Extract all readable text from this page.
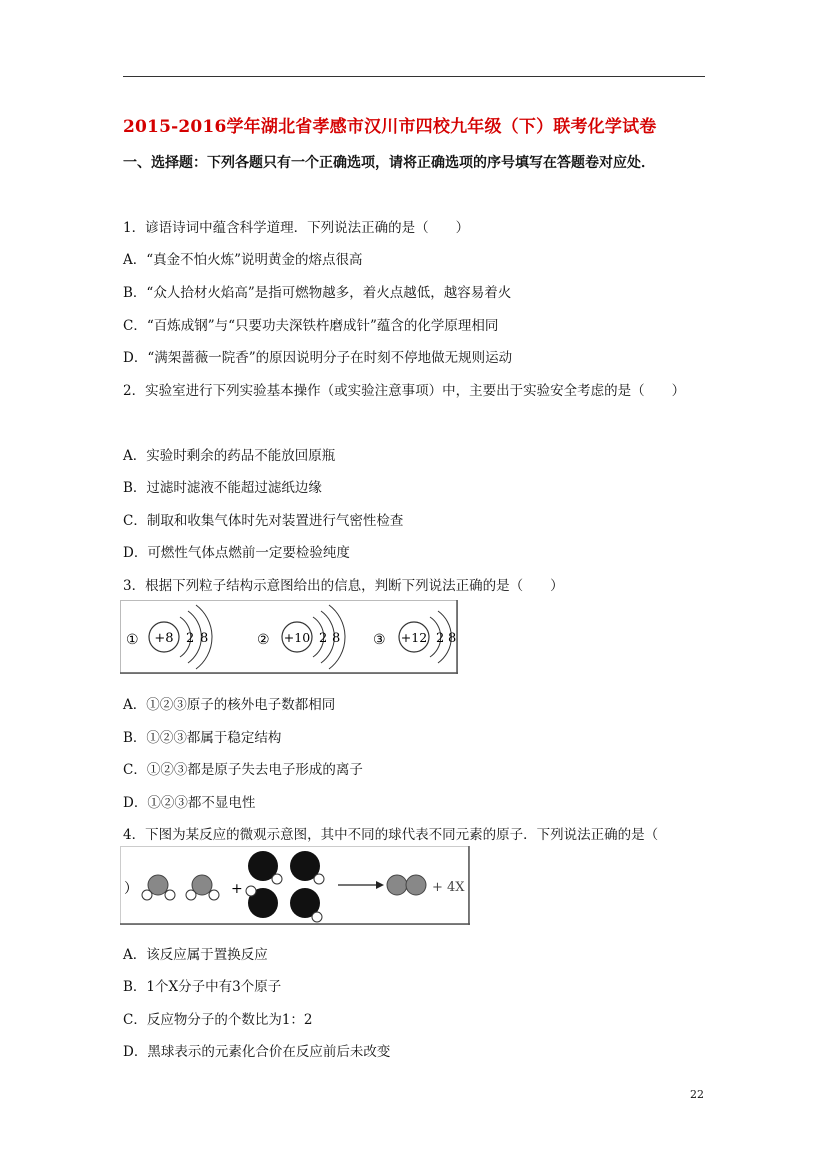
2015-2016学年湖北省孝感市汉川市四校九年级（下）联考化学试卷
一、选择题：下列各题只有一个正确选项，请将正确选项的序号填写在答题卷对应处．
1．谚语诗词中蕴含科学道理．下列说法正确的是（　　）
A．“真金不怕火炼”说明黄金的熔点很高
B．“众人拾材火焰高”是指可燃物越多，着火点越低，越容易着火
C．“百炼成钢”与“只要功夫深铁杵磨成针”蕴含的化学原理相同
D．“满架蔷薇一院香”的原因说明分子在时刻不停地做无规则运动
2．实验室进行下列实验基本操作（或实验注意事项）中，主要出于实验安全考虑的是（　　）
A．实验时剩余的药品不能放回原瓶
B．过滤时滤液不能超过滤纸边缘
C．制取和收集气体时先对装置进行气密性检查
D．可燃性气体点燃前一定要检验纯度
3．根据下列粒子结构示意图给出的信息，判断下列说法正确的是（　　）
① +8 2 8	② +10 2 8 ③ +12 2 8
A．①②③原子的核外电子数都相同
B．①②③都属于稳定结构
C．①②③都是原子失去电子形成的离子
D．①②③都不显电性
4．下图为某反应的微观示意图，其中不同的球代表不同元素的原子．下列说法正确的是（
）	+	+ 4X
A．该反应属于置换反应
B．1个X分子中有3个原子
C．反应物分子的个数比为1：2
D．黑球表示的元素化合价在反应前后未改变
22
